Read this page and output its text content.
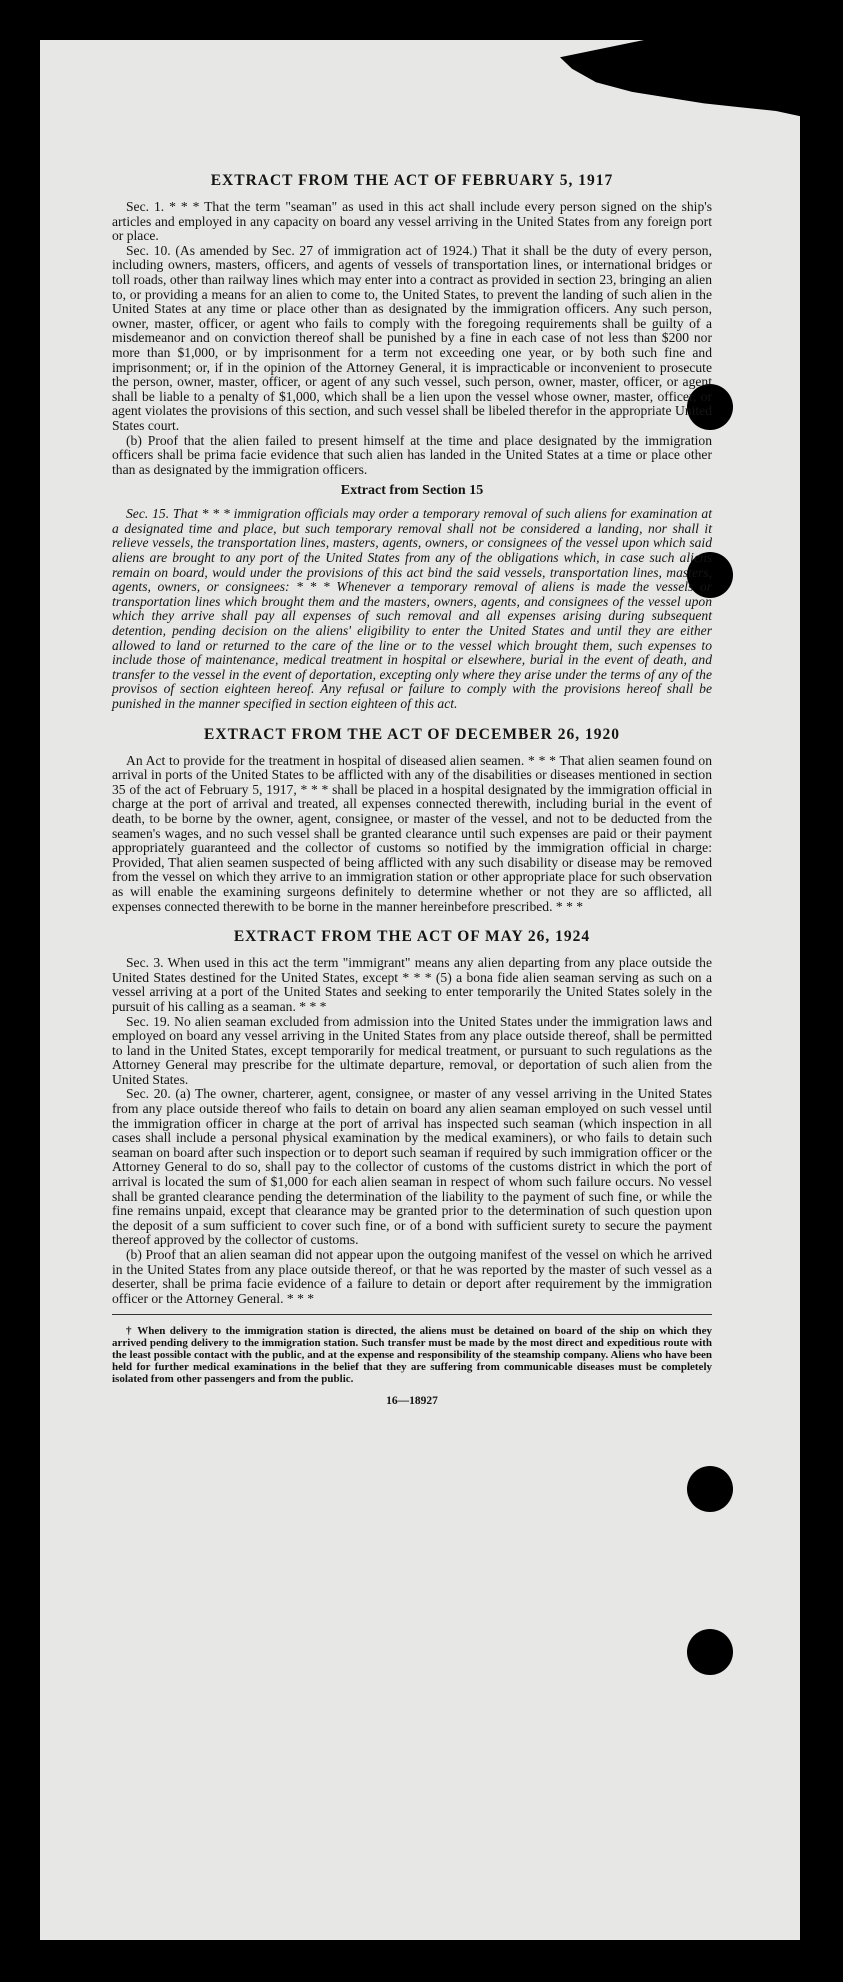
EXTRACT FROM THE ACT OF FEBRUARY 5, 1917

Sec. 1. * * * That the term "seaman" as used in this act shall include every person signed on the ship's articles and employed in any capacity on board any vessel arriving in the United States from any foreign port or place.

Sec. 10. (As amended by Sec. 27 of immigration act of 1924.) That it shall be the duty of every person, including owners, masters, officers, and agents of vessels of transportation lines, or international bridges or toll roads, other than railway lines which may enter into a contract as provided in section 23, bringing an alien to, or providing a means for an alien to come to, the United States, to prevent the landing of such alien in the United States at any time or place other than as designated by the immigration officers. Any such person, owner, master, officer, or agent who fails to comply with the foregoing requirements shall be guilty of a misdemeanor and on conviction thereof shall be punished by a fine in each case of not less than $200 nor more than $1,000, or by imprisonment for a term not exceeding one year, or by both such fine and imprisonment; or, if in the opinion of the Attorney General, it is impracticable or inconvenient to prosecute the person, owner, master, officer, or agent of any such vessel, such person, owner, master, officer, or agent shall be liable to a penalty of $1,000, which shall be a lien upon the vessel whose owner, master, officer, or agent violates the provisions of this section, and such vessel shall be libeled therefor in the appropriate United States court.

(b) Proof that the alien failed to present himself at the time and place designated by the immigration officers shall be prima facie evidence that such alien has landed in the United States at a time or place other than as designated by the immigration officers.

Extract from Section 15

Sec. 15. That * * * immigration officials may order a temporary removal of such aliens for examination at a designated time and place, but such temporary removal shall not be considered a landing, nor shall it relieve vessels, the transportation lines, masters, agents, owners, or consignees of the vessel upon which said aliens are brought to any port of the United States from any of the obligations which, in case such aliens remain on board, would under the provisions of this act bind the said vessels, transportation lines, masters, agents, owners, or consignees: * * * Whenever a temporary removal of aliens is made the vessels or transportation lines which brought them and the masters, owners, agents, and consignees of the vessel upon which they arrive shall pay all expenses of such removal and all expenses arising during subsequent detention, pending decision on the aliens' eligibility to enter the United States and until they are either allowed to land or returned to the care of the line or to the vessel which brought them, such expenses to include those of maintenance, medical treatment in hospital or elsewhere, burial in the event of death, and transfer to the vessel in the event of deportation, excepting only where they arise under the terms of any of the provisos of section eighteen hereof. Any refusal or failure to comply with the provisions hereof shall be punished in the manner specified in section eighteen of this act.

EXTRACT FROM THE ACT OF DECEMBER 26, 1920

An Act to provide for the treatment in hospital of diseased alien seamen. * * * That alien seamen found on arrival in ports of the United States to be afflicted with any of the disabilities or diseases mentioned in section 35 of the act of February 5, 1917, * * * shall be placed in a hospital designated by the immigration official in charge at the port of arrival and treated, all expenses connected therewith, including burial in the event of death, to be borne by the owner, agent, consignee, or master of the vessel, and not to be deducted from the seamen's wages, and no such vessel shall be granted clearance until such expenses are paid or their payment appropriately guaranteed and the collector of customs so notified by the immigration official in charge: Provided, That alien seamen suspected of being afflicted with any such disability or disease may be removed from the vessel on which they arrive to an immigration station or other appropriate place for such observation as will enable the examining surgeons definitely to determine whether or not they are so afflicted, all expenses connected therewith to be borne in the manner hereinbefore prescribed. * * *

EXTRACT FROM THE ACT OF MAY 26, 1924

Sec. 3. When used in this act the term "immigrant" means any alien departing from any place outside the United States destined for the United States, except * * * (5) a bona fide alien seaman serving as such on a vessel arriving at a port of the United States and seeking to enter temporarily the United States solely in the pursuit of his calling as a seaman. * * *

Sec. 19. No alien seaman excluded from admission into the United States under the immigration laws and employed on board any vessel arriving in the United States from any place outside thereof, shall be permitted to land in the United States, except temporarily for medical treatment, or pursuant to such regulations as the Attorney General may prescribe for the ultimate departure, removal, or deportation of such alien from the United States.

Sec. 20. (a) The owner, charterer, agent, consignee, or master of any vessel arriving in the United States from any place outside thereof who fails to detain on board any alien seaman employed on such vessel until the immigration officer in charge at the port of arrival has inspected such seaman (which inspection in all cases shall include a personal physical examination by the medical examiners), or who fails to detain such seaman on board after such inspection or to deport such seaman if required by such immigration officer or the Attorney General to do so, shall pay to the collector of customs of the customs district in which the port of arrival is located the sum of $1,000 for each alien seaman in respect of whom such failure occurs. No vessel shall be granted clearance pending the determination of the liability to the payment of such fine, or while the fine remains unpaid, except that clearance may be granted prior to the determination of such question upon the deposit of a sum sufficient to cover such fine, or of a bond with sufficient surety to secure the payment thereof approved by the collector of customs.

(b) Proof that an alien seaman did not appear upon the outgoing manifest of the vessel on which he arrived in the United States from any place outside thereof, or that he was reported by the master of such vessel as a deserter, shall be prima facie evidence of a failure to detain or deport after requirement by the immigration officer or the Attorney General. * * *

† When delivery to the immigration station is directed, the aliens must be detained on board of the ship on which they arrived pending delivery to the immigration station. Such transfer must be made by the most direct and expeditious route with the least possible contact with the public, and at the expense and responsibility of the steamship company. Aliens who have been held for further medical examinations in the belief that they are suffering from communicable diseases must be completely isolated from other passengers and from the public.

16—18927
